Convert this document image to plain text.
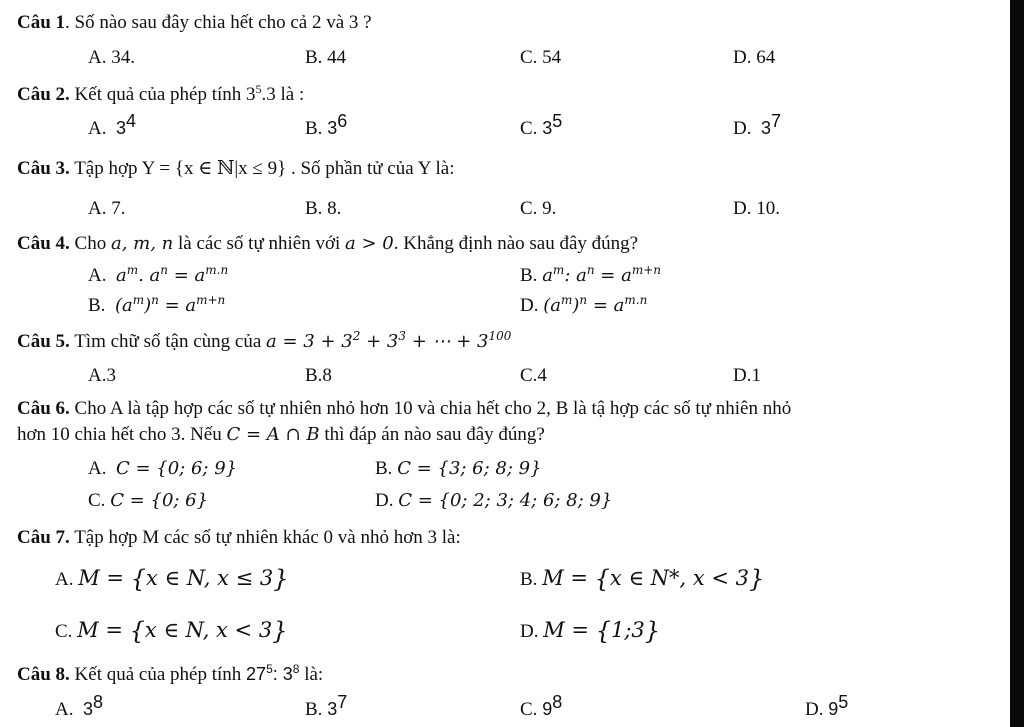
Câu 1. Số nào sau đây chia hết cho cả 2 và 3 ?
A. 34.	B. 44	C. 54	D. 64
Câu 2. Kết quả của phép tính $3^5.3$ là :
A. $3^4$	B. $3^6$	C. $3^5$	D. $3^7$
Câu 3. Tập hợp Y = {x ∈ ℕ|x ≤ 9} . Số phần tử của Y là:
A. 7.	B. 8.	C. 9.	D. 10.
Câu 4. Cho a, m, n là các số tự nhiên với a > 0. Khẳng định nào sau đây đúng?
A. $a^m$. $a^n = a^{m.n}$	B. $a^m$: $a^n = a^{m+n}$
B. $(a^m)^n = a^{m+n}$	D. $(a^m)^n = a^{m.n}$
Câu 5. Tìm chữ số tận cùng của $a = 3 + 3^2 + 3^3$ + ⋯ + $3^{100}$
A.3	B.8	C.4	D.1
Câu 6. Cho A là tập hợp các số tự nhiên nhỏ hơn 10 và chia hết cho 2, B là tậ hợp các số tự nhiên nhỏ
hơn 10 chia hết cho 3. Nếu C = A ∩ B thì đáp án nào sau đây đúng?
A. C = {0; 6; 9}	B. C = {3; 6; 8; 9}
C. C = {0; 6}	D. C = {0; 2; 3; 4; 6; 8; 9}
Câu 7. Tập hợp M các số tự nhiên khác 0 và nhỏ hơn 3 là:
A. M = {x ∈ N, x ≤ 3}	B. M = {x ∈ N*, x < 3}
C. M = {x ∈ N, x < 3}	D. M = {1;3}
Câu 8. Kết quả của phép tính $27^5$: $3^8$ là:
A. $3^8$	B. $3^7$	C. $9^8$	D. $9^5$
